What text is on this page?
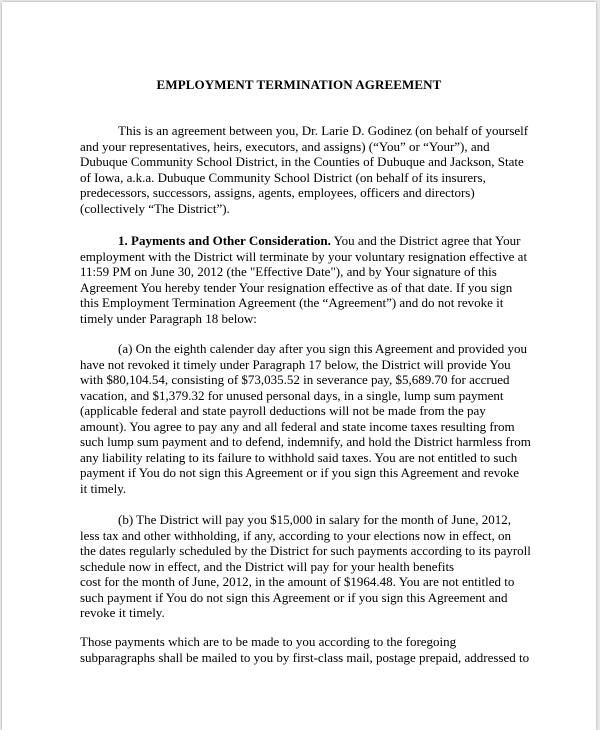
EMPLOYMENT TERMINATION AGREEMENT
This is an agreement between you, Dr. Larie D. Godinez (on behalf of yourself
and your representatives, heirs, executors, and assigns) (“You” or “Your”), and
Dubuque Community School District, in the Counties of Dubuque and Jackson, State
of Iowa, a.k.a. Dubuque Community School District (on behalf of its insurers,
predecessors, successors, assigns, agents, employees, officers and directors)
(collectively “The District”).
1. Payments and Other Consideration. You and the District agree that Your
employment with the District will terminate by your voluntary resignation effective at
11:59 PM on June 30, 2012 (the "Effective Date"), and by Your signature of this
Agreement You hereby tender Your resignation effective as of that date. If you sign
this Employment Termination Agreement (the “Agreement”) and do not revoke it
timely under Paragraph 18 below:
(a) On the eighth calender day after you sign this Agreement and provided you
have not revoked it timely under Paragraph 17 below, the District will provide You
with $80,104.54, consisting of $73,035.52 in severance pay, $5,689.70 for accrued
vacation, and $1,379.32 for unused personal days, in a single, lump sum payment
(applicable federal and state payroll deductions will not be made from the pay
amount). You agree to pay any and all federal and state income taxes resulting from
such lump sum payment and to defend, indemnify, and hold the District harmless from
any liability relating to its failure to withhold said taxes. You are not entitled to such
payment if You do not sign this Agreement or if you sign this Agreement and revoke
it timely.
(b) The District will pay you $15,000 in salary for the month of June, 2012,
less tax and other withholding, if any, according to your elections now in effect, on
the dates regularly scheduled by the District for such payments according to its payroll
schedule now in effect, and the District will pay for your health benefits
cost for the month of June, 2012, in the amount of $1964.48. You are not entitled to
such payment if You do not sign this Agreement or if you sign this Agreement and
revoke it timely.
Those payments which are to be made to you according to the foregoing
subparagraphs shall be mailed to you by first-class mail, postage prepaid, addressed to
